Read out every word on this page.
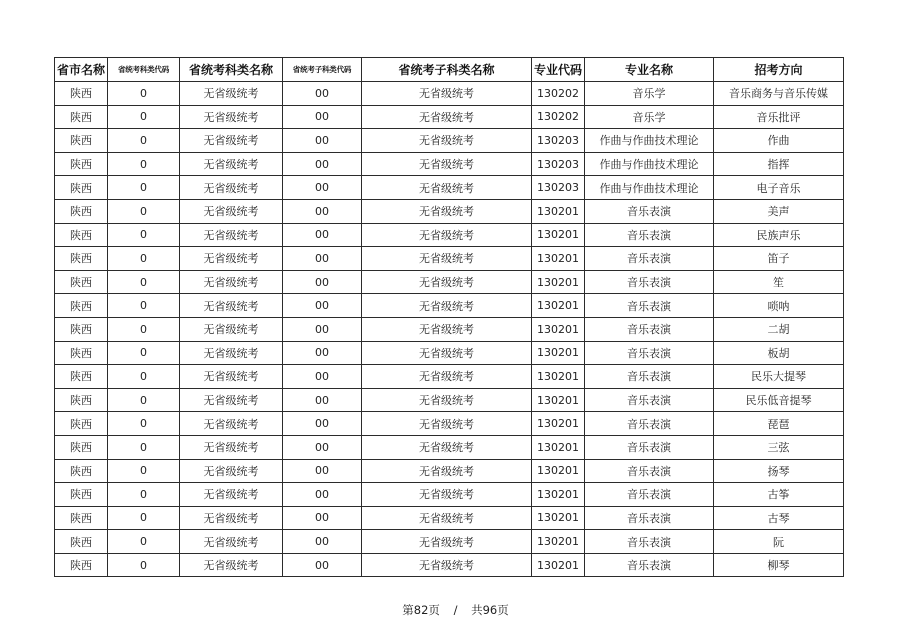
省市名称	省统考科类代码	省统考科类名称	省统考子科类代码	省统考子科类名称	专业代码	专业名称	招考方向
陕西	0	无省级统考	00	无省级统考	130202	音乐学	音乐商务与音乐传媒
陕西	0	无省级统考	00	无省级统考	130202	音乐学	音乐批评
陕西	0	无省级统考	00	无省级统考	130203	作曲与作曲技术理论	作曲
陕西	0	无省级统考	00	无省级统考	130203	作曲与作曲技术理论	指挥
陕西	0	无省级统考	00	无省级统考	130203	作曲与作曲技术理论	电子音乐
陕西	0	无省级统考	00	无省级统考	130201	音乐表演	美声
陕西	0	无省级统考	00	无省级统考	130201	音乐表演	民族声乐
陕西	0	无省级统考	00	无省级统考	130201	音乐表演	笛子
陕西	0	无省级统考	00	无省级统考	130201	音乐表演	笙
陕西	0	无省级统考	00	无省级统考	130201	音乐表演	唢呐
陕西	0	无省级统考	00	无省级统考	130201	音乐表演	二胡
陕西	0	无省级统考	00	无省级统考	130201	音乐表演	板胡
陕西	0	无省级统考	00	无省级统考	130201	音乐表演	民乐大提琴
陕西	0	无省级统考	00	无省级统考	130201	音乐表演	民乐低音提琴
陕西	0	无省级统考	00	无省级统考	130201	音乐表演	琵琶
陕西	0	无省级统考	00	无省级统考	130201	音乐表演	三弦
陕西	0	无省级统考	00	无省级统考	130201	音乐表演	扬琴
陕西	0	无省级统考	00	无省级统考	130201	音乐表演	古筝
陕西	0	无省级统考	00	无省级统考	130201	音乐表演	古琴
陕西	0	无省级统考	00	无省级统考	130201	音乐表演	阮
陕西	0	无省级统考	00	无省级统考	130201	音乐表演	柳琴
第82页 / 共96页
